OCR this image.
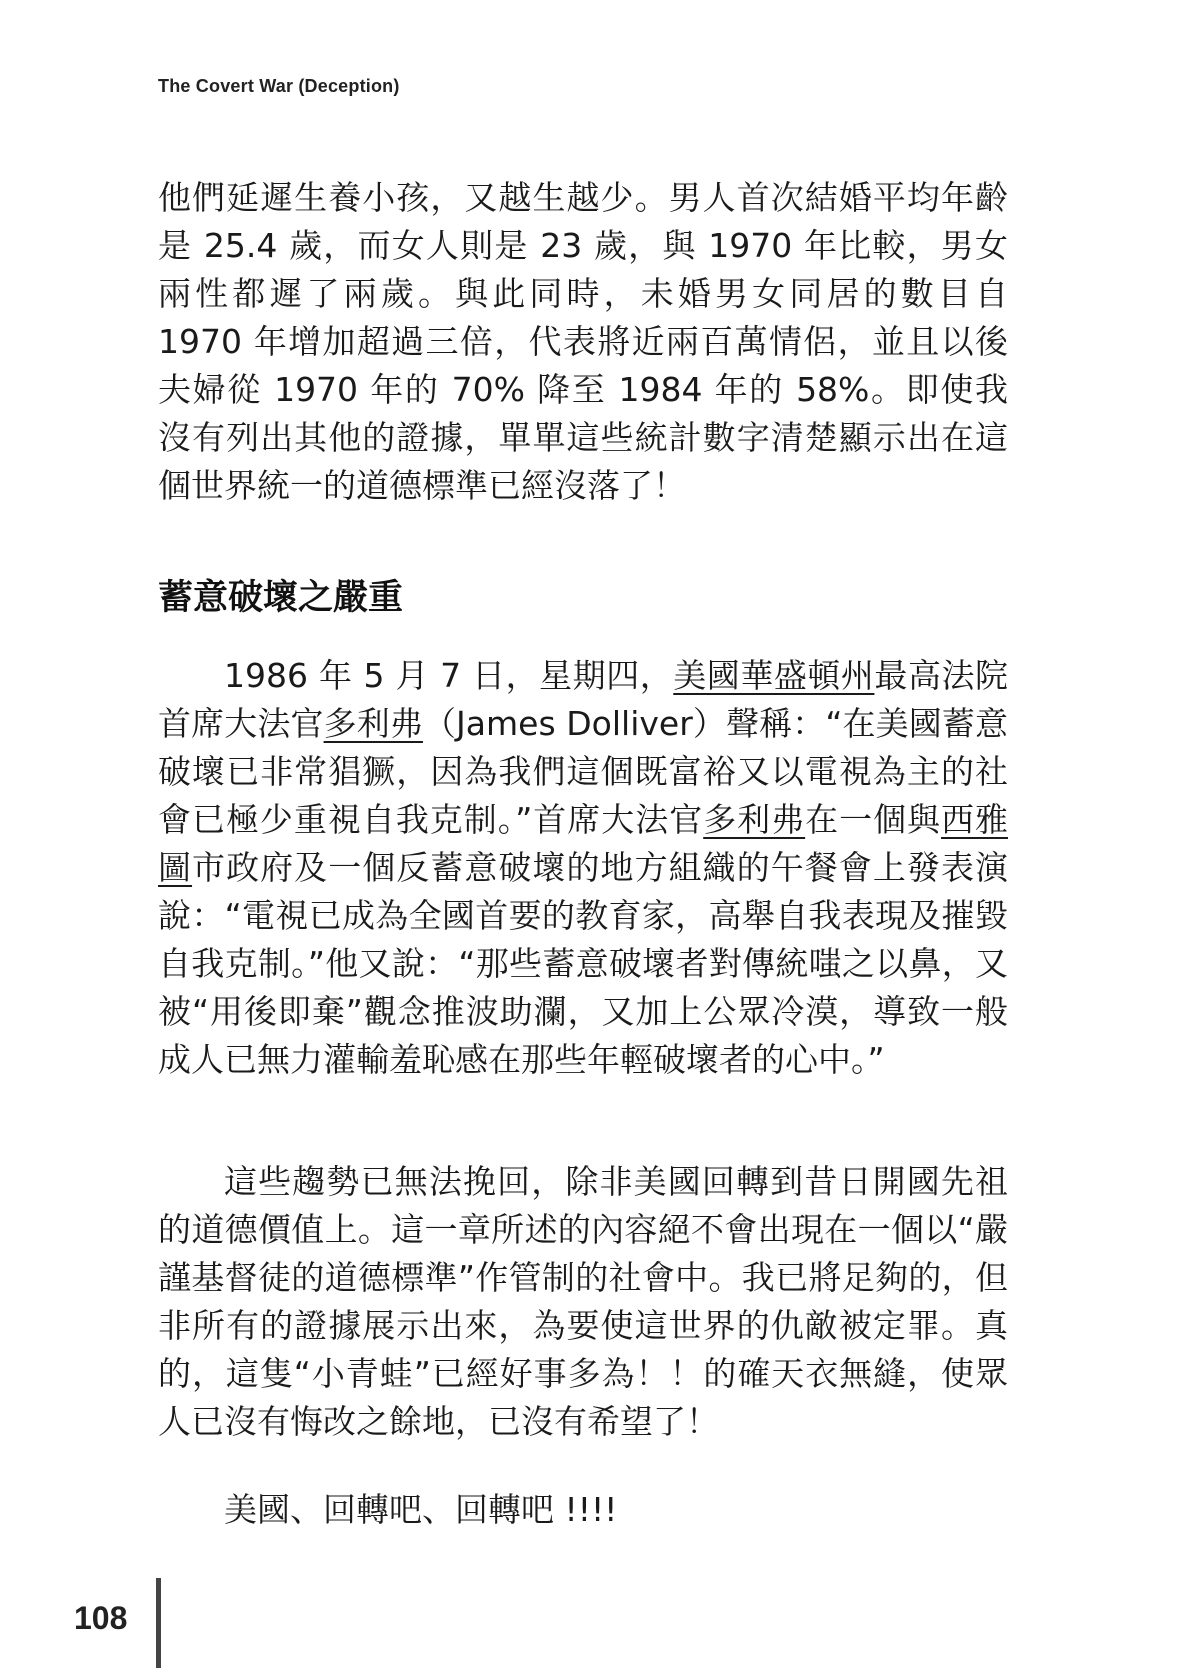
The Covert War (Deception)

他們延遲生養小孩，又越生越少。男人首次結婚平均年齡是 25.4 歲，而女人則是 23 歲，與 1970 年比較，男女兩性都遲了兩歲。與此同時，未婚男女同居的數目自 1970 年增加超過三倍，代表將近兩百萬情侶，並且以後夫婦從 1970 年的 70% 降至 1984 年的 58%。即使我沒有列出其他的證據，單單這些統計數字清楚顯示出在這個世界統一的道德標準已經沒落了！

蓄意破壞之嚴重

1986 年 5 月 7 日，星期四，美國華盛頓州最高法院首席大法官多利弗（James Dolliver）聲稱：“在美國蓄意破壞已非常猖獗，因為我們這個既富裕又以電視為主的社會已極少重視自我克制。”首席大法官多利弗在一個與西雅圖市政府及一個反蓄意破壞的地方組織的午餐會上發表演說：“電視已成為全國首要的教育家，高舉自我表現及摧毀自我克制。”他又說：“那些蓄意破壞者對傳統嗤之以鼻，又被“用後即棄”觀念推波助瀾，又加上公眾冷漠，導致一般成人已無力灌輸羞恥感在那些年輕破壞者的心中。”

這些趨勢已無法挽回，除非美國回轉到昔日開國先祖的道德價值上。這一章所述的內容絕不會出現在一個以“嚴謹基督徒的道德標準”作管制的社會中。我已將足夠的，但非所有的證據展示出來，為要使這世界的仇敵被定罪。真的，這隻“小青蛙”已經好事多為！！的確天衣無縫，使眾人已沒有悔改之餘地，已沒有希望了！

美國、回轉吧、回轉吧 !!!!

108
